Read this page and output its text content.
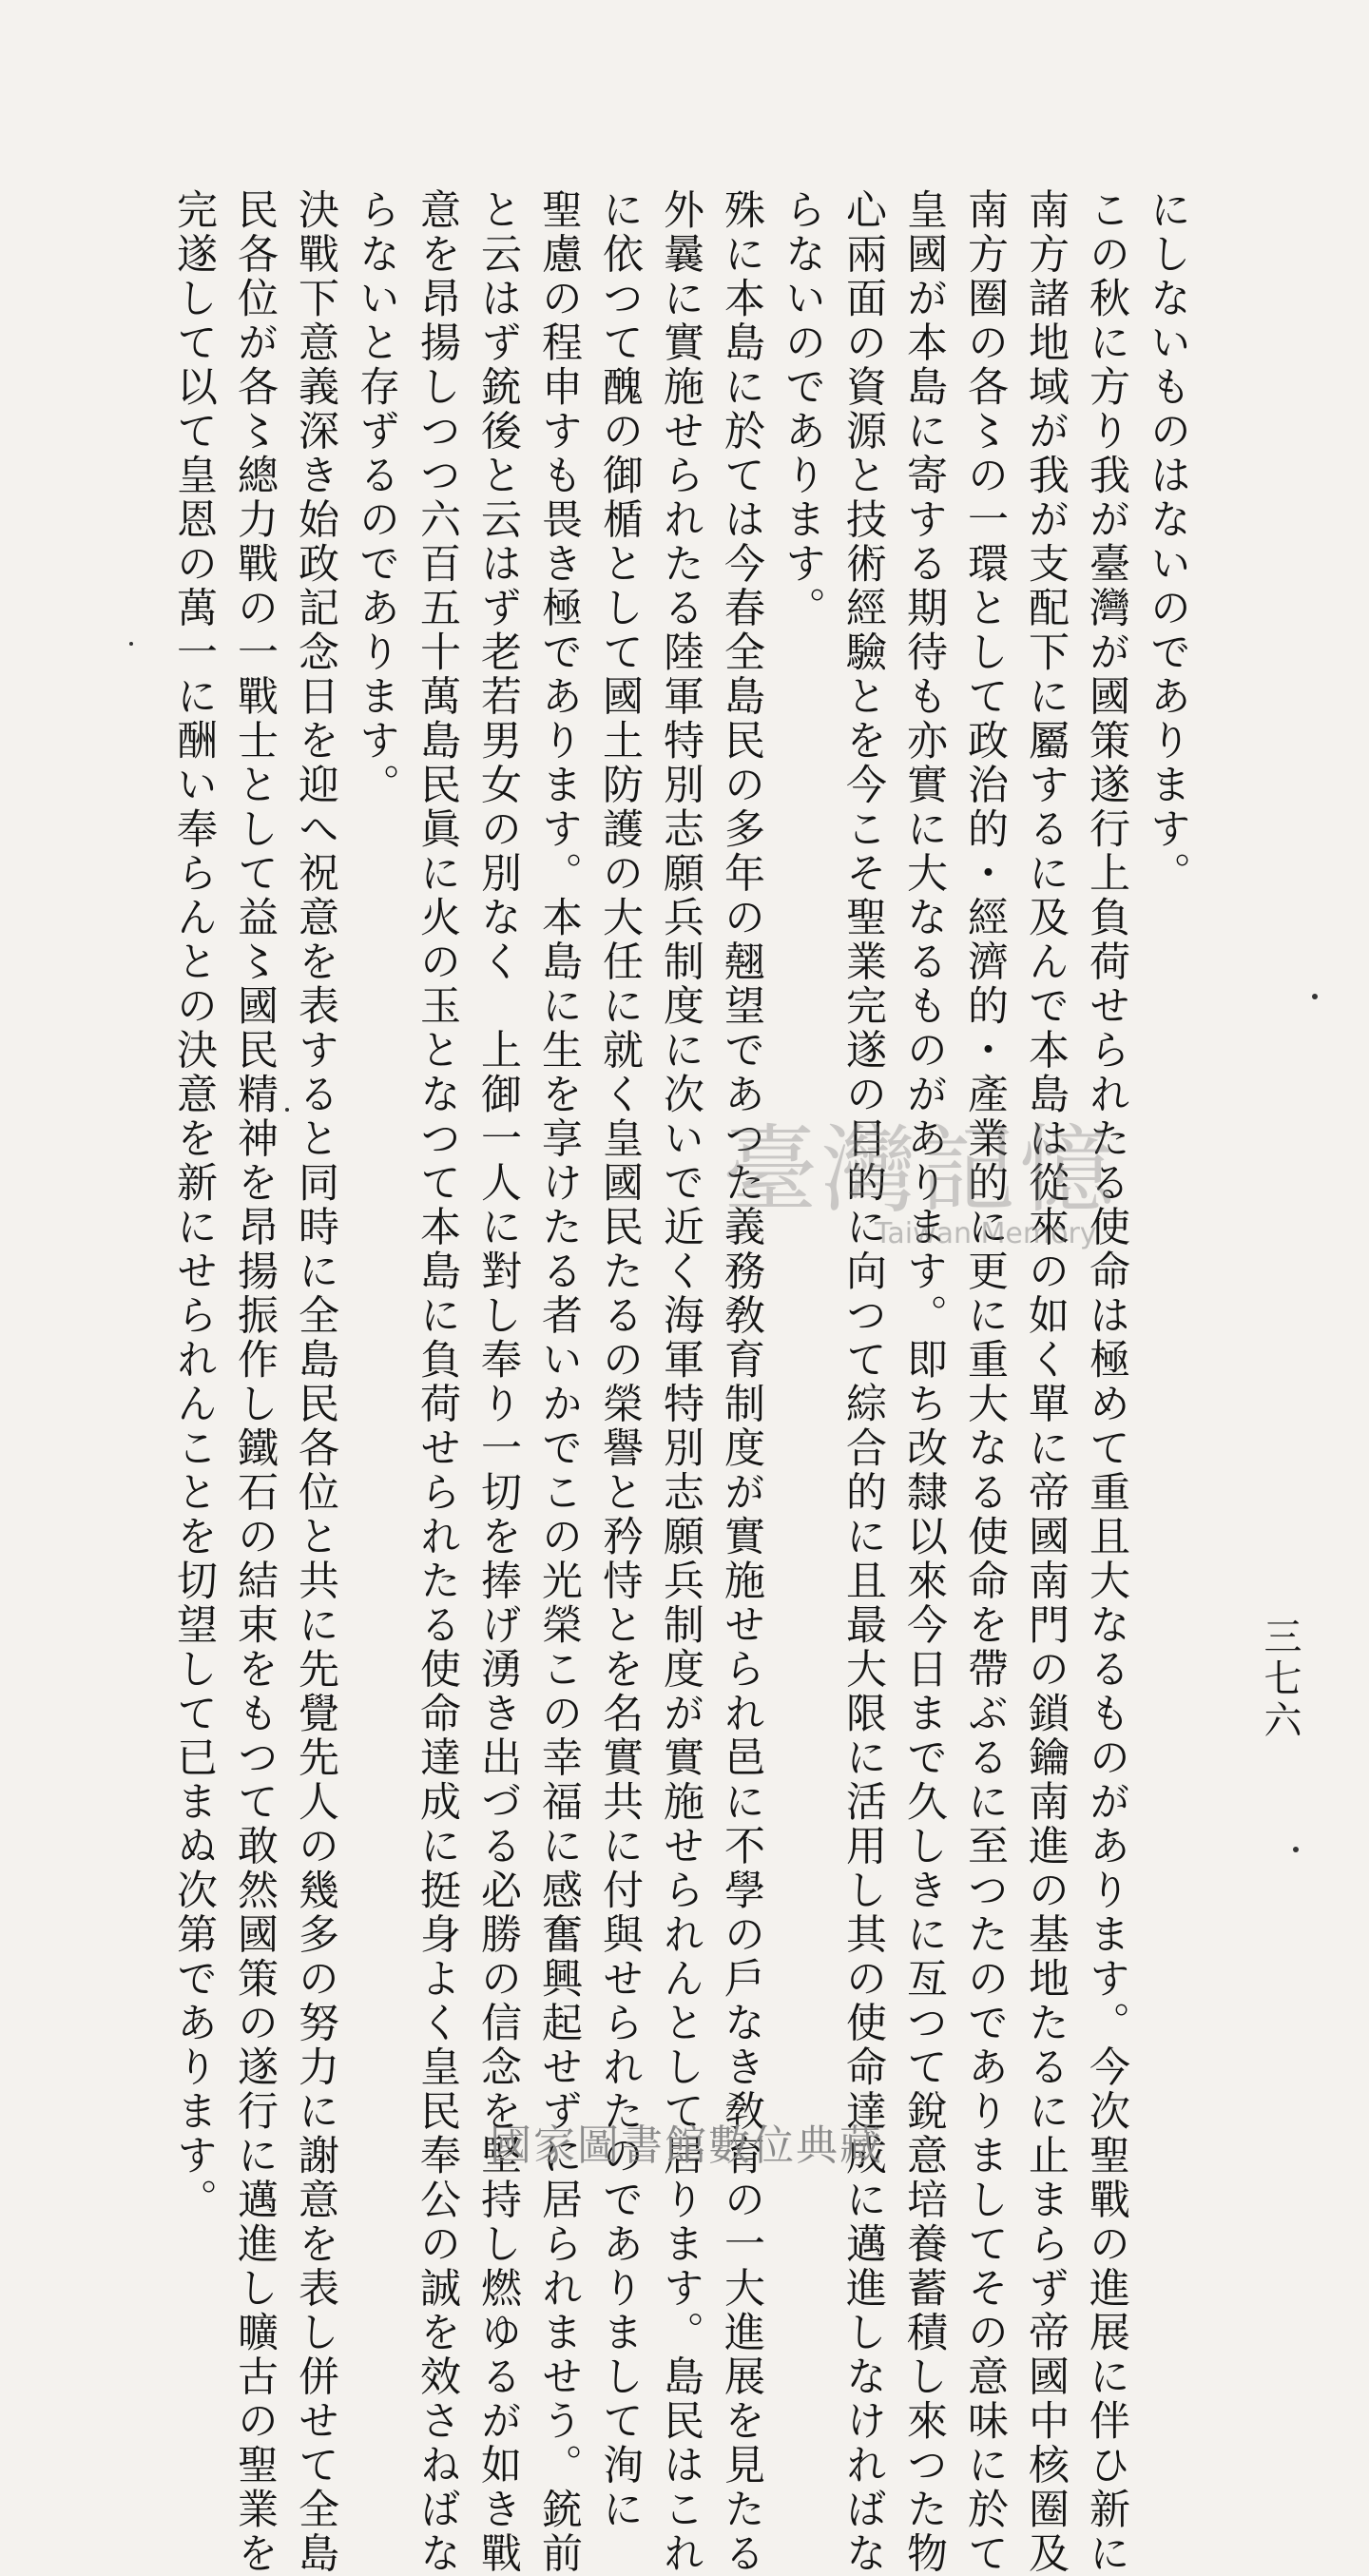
三七六
にしないものはないのであります。
この秋に方り我が臺灣が國策遂行上負荷せられたる使命は極めて重且大なるものがあります。今次聖戰の進展に伴ひ新に
南方諸地域が我が支配下に屬するに及んで本島は從來の如く單に帝國南門の鎖鑰南進の基地たるに止まらず帝國中核圈及
南方圈の各〻の一環として政治的・經濟的・產業的に更に重大なる使命を帶ぶるに至つたのでありましてその意味に於て
皇國が本島に寄する期待も亦實に大なるものがあります。即ち改隸以來今日まで久しきに亙つて銳意培養蓄積し來つた物
心兩面の資源と技術經驗とを今こそ聖業完遂の目的に向つて綜合的に且最大限に活用し其の使命達成に邁進しなければな
らないのであります。
殊に本島に於ては今春全島民の多年の翹望であつた義務敎育制度が實施せられ邑に不學の戶なき敎育の一大進展を見たる
外曩に實施せられたる陸軍特別志願兵制度に次いで近く海軍特別志願兵制度が實施せられんとして居ります。島民はこれ
に依つて醜の御楯として國土防護の大任に就く皇國民たるの榮譽と矜恃とを名實共に付與せられたのでありまして洵に
聖慮の程申すも畏き極であります。本島に生を享けたる者いかでこの光榮この幸福に感奮興起せずに居られませう。銃前
と云はず銃後と云はず老若男女の別なく　上御一人に對し奉り一切を捧げ湧き出づる必勝の信念を堅持し燃ゆるが如き戰
意を昂揚しつつ六百五十萬島民眞に火の玉となつて本島に負荷せられたる使命達成に挺身よく皇民奉公の誠を效さねばな
らないと存ずるのであります。
決戰下意義深き始政記念日を迎へ祝意を表すると同時に全島民各位と共に先覺先人の幾多の努力に謝意を表し併せて全島
民各位が各〻總力戰の一戰士として益〻國民精神を昂揚振作し鐵石の結束をもつて敢然國策の遂行に邁進し曠古の聖業を
完遂して以て皇恩の萬一に酬い奉らんとの決意を新にせられんことを切望して已まぬ次第であります。	臺灣記憶
Taiwan Memory
國家圖書館數位典藏
